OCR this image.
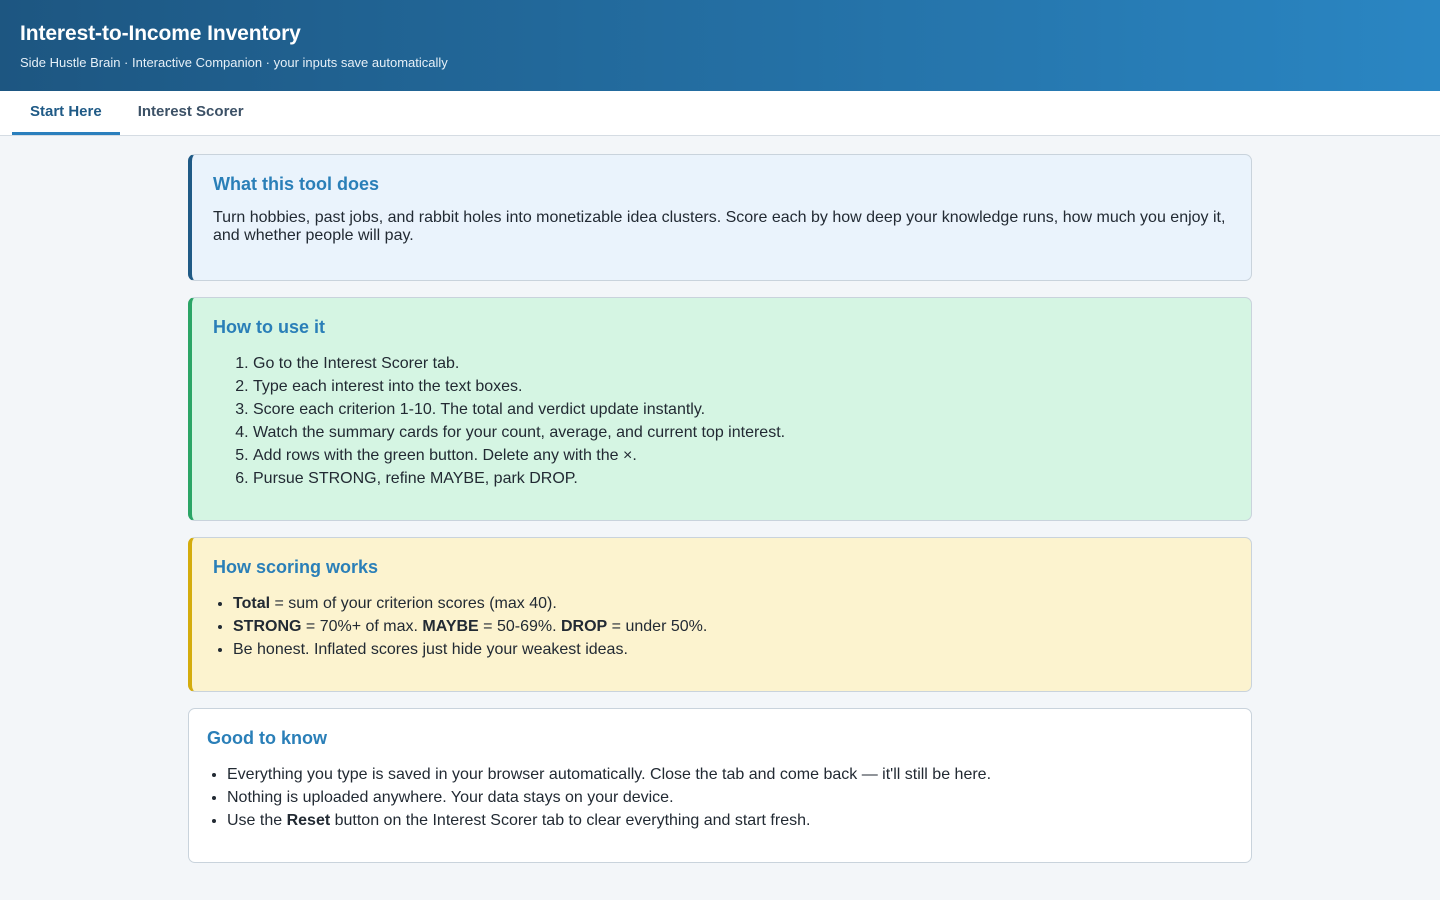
Interest-to-Income Inventory
Side Hustle Brain · Interactive Companion · your inputs save automatically
Start Here	Interest Scorer
What this tool does

Turn hobbies, past jobs, and rabbit holes into monetizable idea clusters. Score each by how deep your knowledge runs, how much you enjoy it, and whether people will pay.

How to use it
1. Go to the Interest Scorer tab.
2. Type each interest into the text boxes.
3. Score each criterion 1-10. The total and verdict update instantly.
4. Watch the summary cards for your count, average, and current top interest.
5. Add rows with the green button. Delete any with the ×.
6. Pursue STRONG, refine MAYBE, park DROP.
How scoring works
• Total = sum of your criterion scores (max 40).
• STRONG = 70%+ of max. MAYBE = 50-69%. DROP = under 50%.
• Be honest. Inflated scores just hide your weakest ideas.
Good to know
• Everything you type is saved in your browser automatically. Close the tab and come back — it'll still be here.
• Nothing is uploaded anywhere. Your data stays on your device.
• Use the Reset button on the Interest Scorer tab to clear everything and start fresh.
